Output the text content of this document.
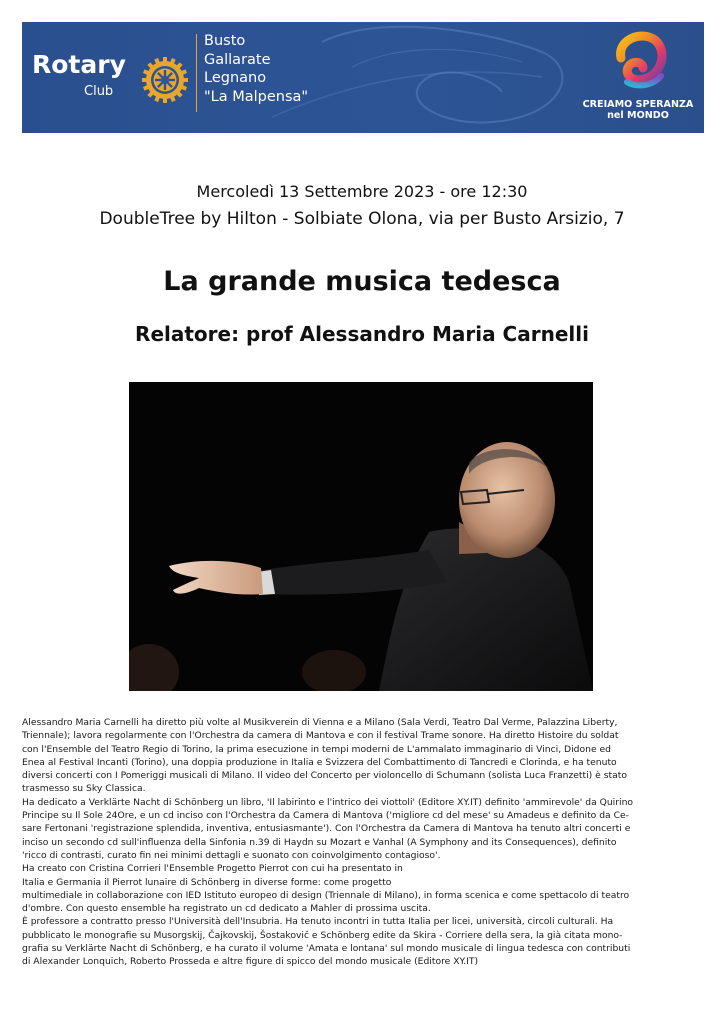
Rotary
Club
Busto
Gallarate
Legnano
"La Malpensa"	CREIAMO SPERANZA
nel MONDO
Mercoledì 13 Settembre 2023 - ore 12:30
DoubleTree by Hilton - Solbiate Olona, via per Busto Arsizio, 7
La grande musica tedesca
Relatore: prof Alessandro Maria Carnelli

Alessandro Maria Carnelli ha diretto più volte al Musikverein di Vienna e a Milano (Sala Verdi, Teatro Dal Verme, Palazzina Liberty,

Triennale); lavora regolarmente con l'Orchestra da camera di Mantova e con il festival Trame sonore. Ha diretto Histoire du soldat

con l'Ensemble del Teatro Regio di Torino, la prima esecuzione in tempi moderni de L'ammalato immaginario di Vinci, Didone ed

Enea al Festival Incanti (Torino), una doppia produzione in Italia e Svizzera del Combattimento di Tancredi e Clorinda, e ha tenuto

diversi concerti con I Pomeriggi musicali di Milano. Il video del Concerto per violoncello di Schumann (solista Luca Franzetti) è stato

trasmesso su Sky Classica.

Ha dedicato a Verklärte Nacht di Schönberg un libro, 'Il labirinto e l'intrico dei viottoli' (Editore XY.IT) definito 'ammirevole' da Quirino

Principe su Il Sole 24Ore, e un cd inciso con l'Orchestra da Camera di Mantova ('migliore cd del mese' su Amadeus e definito da Ce-

sare Fertonani 'registrazione splendida, inventiva, entusiasmante'). Con l'Orchestra da Camera di Mantova ha tenuto altri concerti e

inciso un secondo cd sull'influenza della Sinfonia n.39 di Haydn su Mozart e Vanhal (A Symphony and its Consequences), definito

'ricco di contrasti, curato fin nei minimi dettagli e suonato con coinvolgimento contagioso'.

Ha creato con Cristina Corrieri l'Ensemble Progetto Pierrot con cui ha presentato in

Italia e Germania il Pierrot lunaire di Schönberg in diverse forme: come progetto

multimediale in collaborazione con IED Istituto europeo di design (Triennale di Milano), in forma scenica e come spettacolo di teatro

d'ombre. Con questo ensemble ha registrato un cd dedicato a Mahler di prossima uscita.

È professore a contratto presso l'Università dell'Insubria. Ha tenuto incontri in tutta Italia per licei, università, circoli culturali. Ha

pubblicato le monografie su Musorgskij, Čajkovskij, Šostakovič e Schönberg edite da Skira - Corriere della sera, la già citata mono-

grafia su Verklärte Nacht di Schönberg, e ha curato il volume 'Amata e lontana' sul mondo musicale di lingua tedesca con contributi

di Alexander Lonquich, Roberto Prosseda e altre figure di spicco del mondo musicale (Editore XY.IT)
